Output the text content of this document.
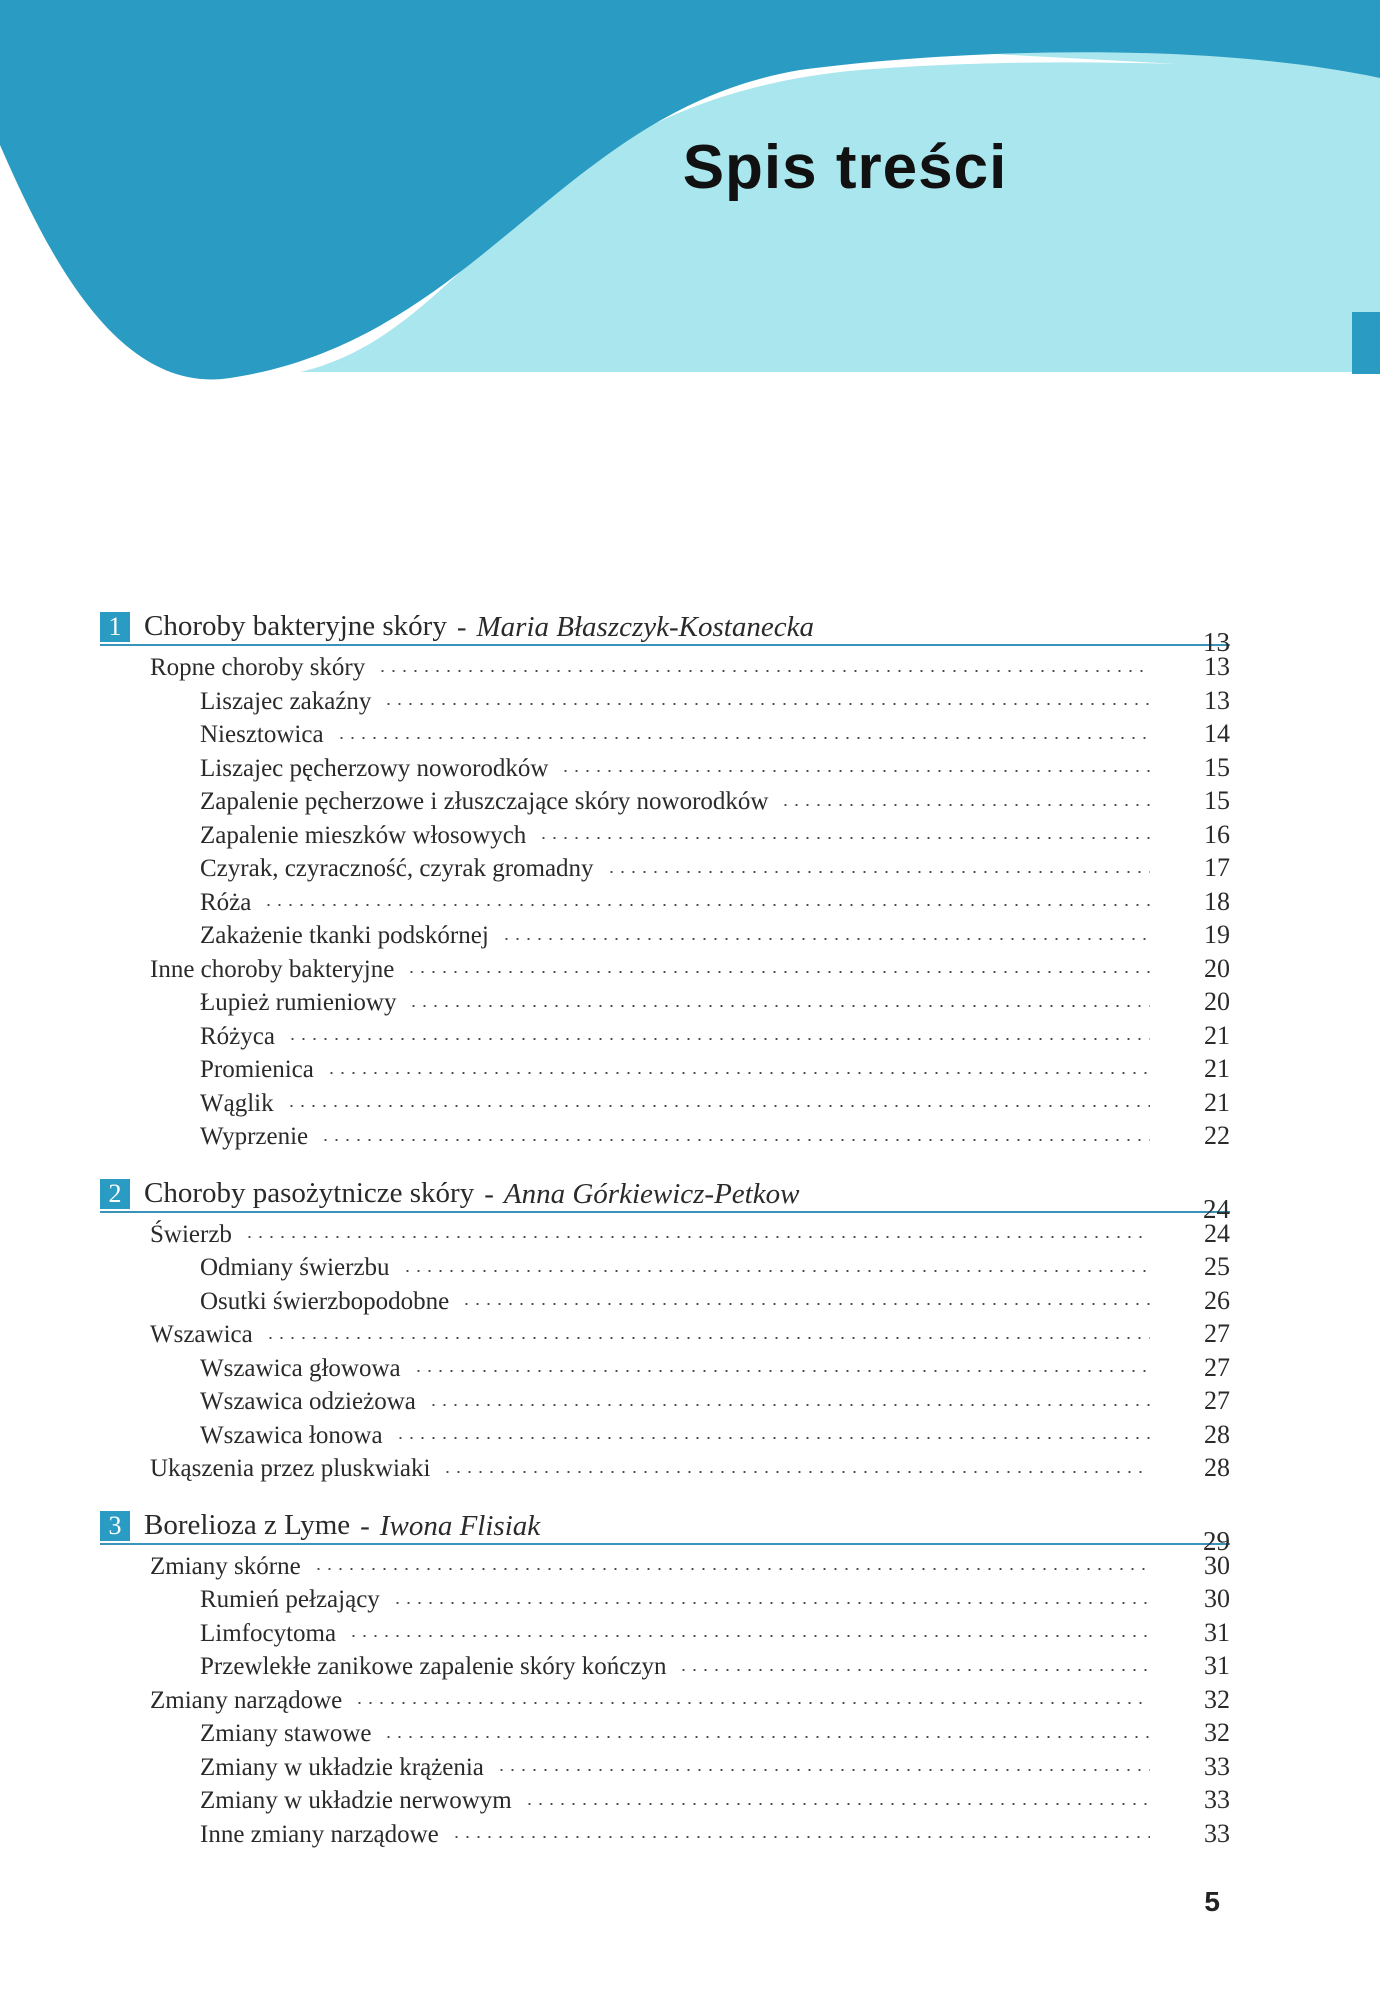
Spis treści
1 Choroby bakteryjne skóry - Maria Błaszczyk-Kostanecka	13
Ropne choroby skóry	13
Liszajec zakaźny	13
Niesztowica	14
Liszajec pęcherzowy noworodków	15
Zapalenie pęcherzowe i złuszczające skóry noworodków	15
Zapalenie mieszków włosowych	16
Czyrak, czyraczność, czyrak gromadny	17
Róża	18
Zakażenie tkanki podskórnej	19
Inne choroby bakteryjne	20
Łupież rumieniowy	20
Różyca	21
Promienica	21
Wąglik	21
Wyprzenie	22
2 Choroby pasożytnicze skóry - Anna Górkiewicz-Petkow	24
Świerzb	24
Odmiany świerzbu	25
Osutki świerzbopodobne	26
Wszawica	27
Wszawica głowowa	27
Wszawica odzieżowa	27
Wszawica łonowa	28
Ukąszenia przez pluskwiaki	28
3 Borelioza z Lyme - Iwona Flisiak	29
Zmiany skórne	30
Rumień pełzający	30
Limfocytoma	31
Przewlekłe zanikowe zapalenie skóry kończyn	31
Zmiany narządowe	32
Zmiany stawowe	32
Zmiany w układzie krążenia	33
Zmiany w układzie nerwowym	33
Inne zmiany narządowe	33
5
